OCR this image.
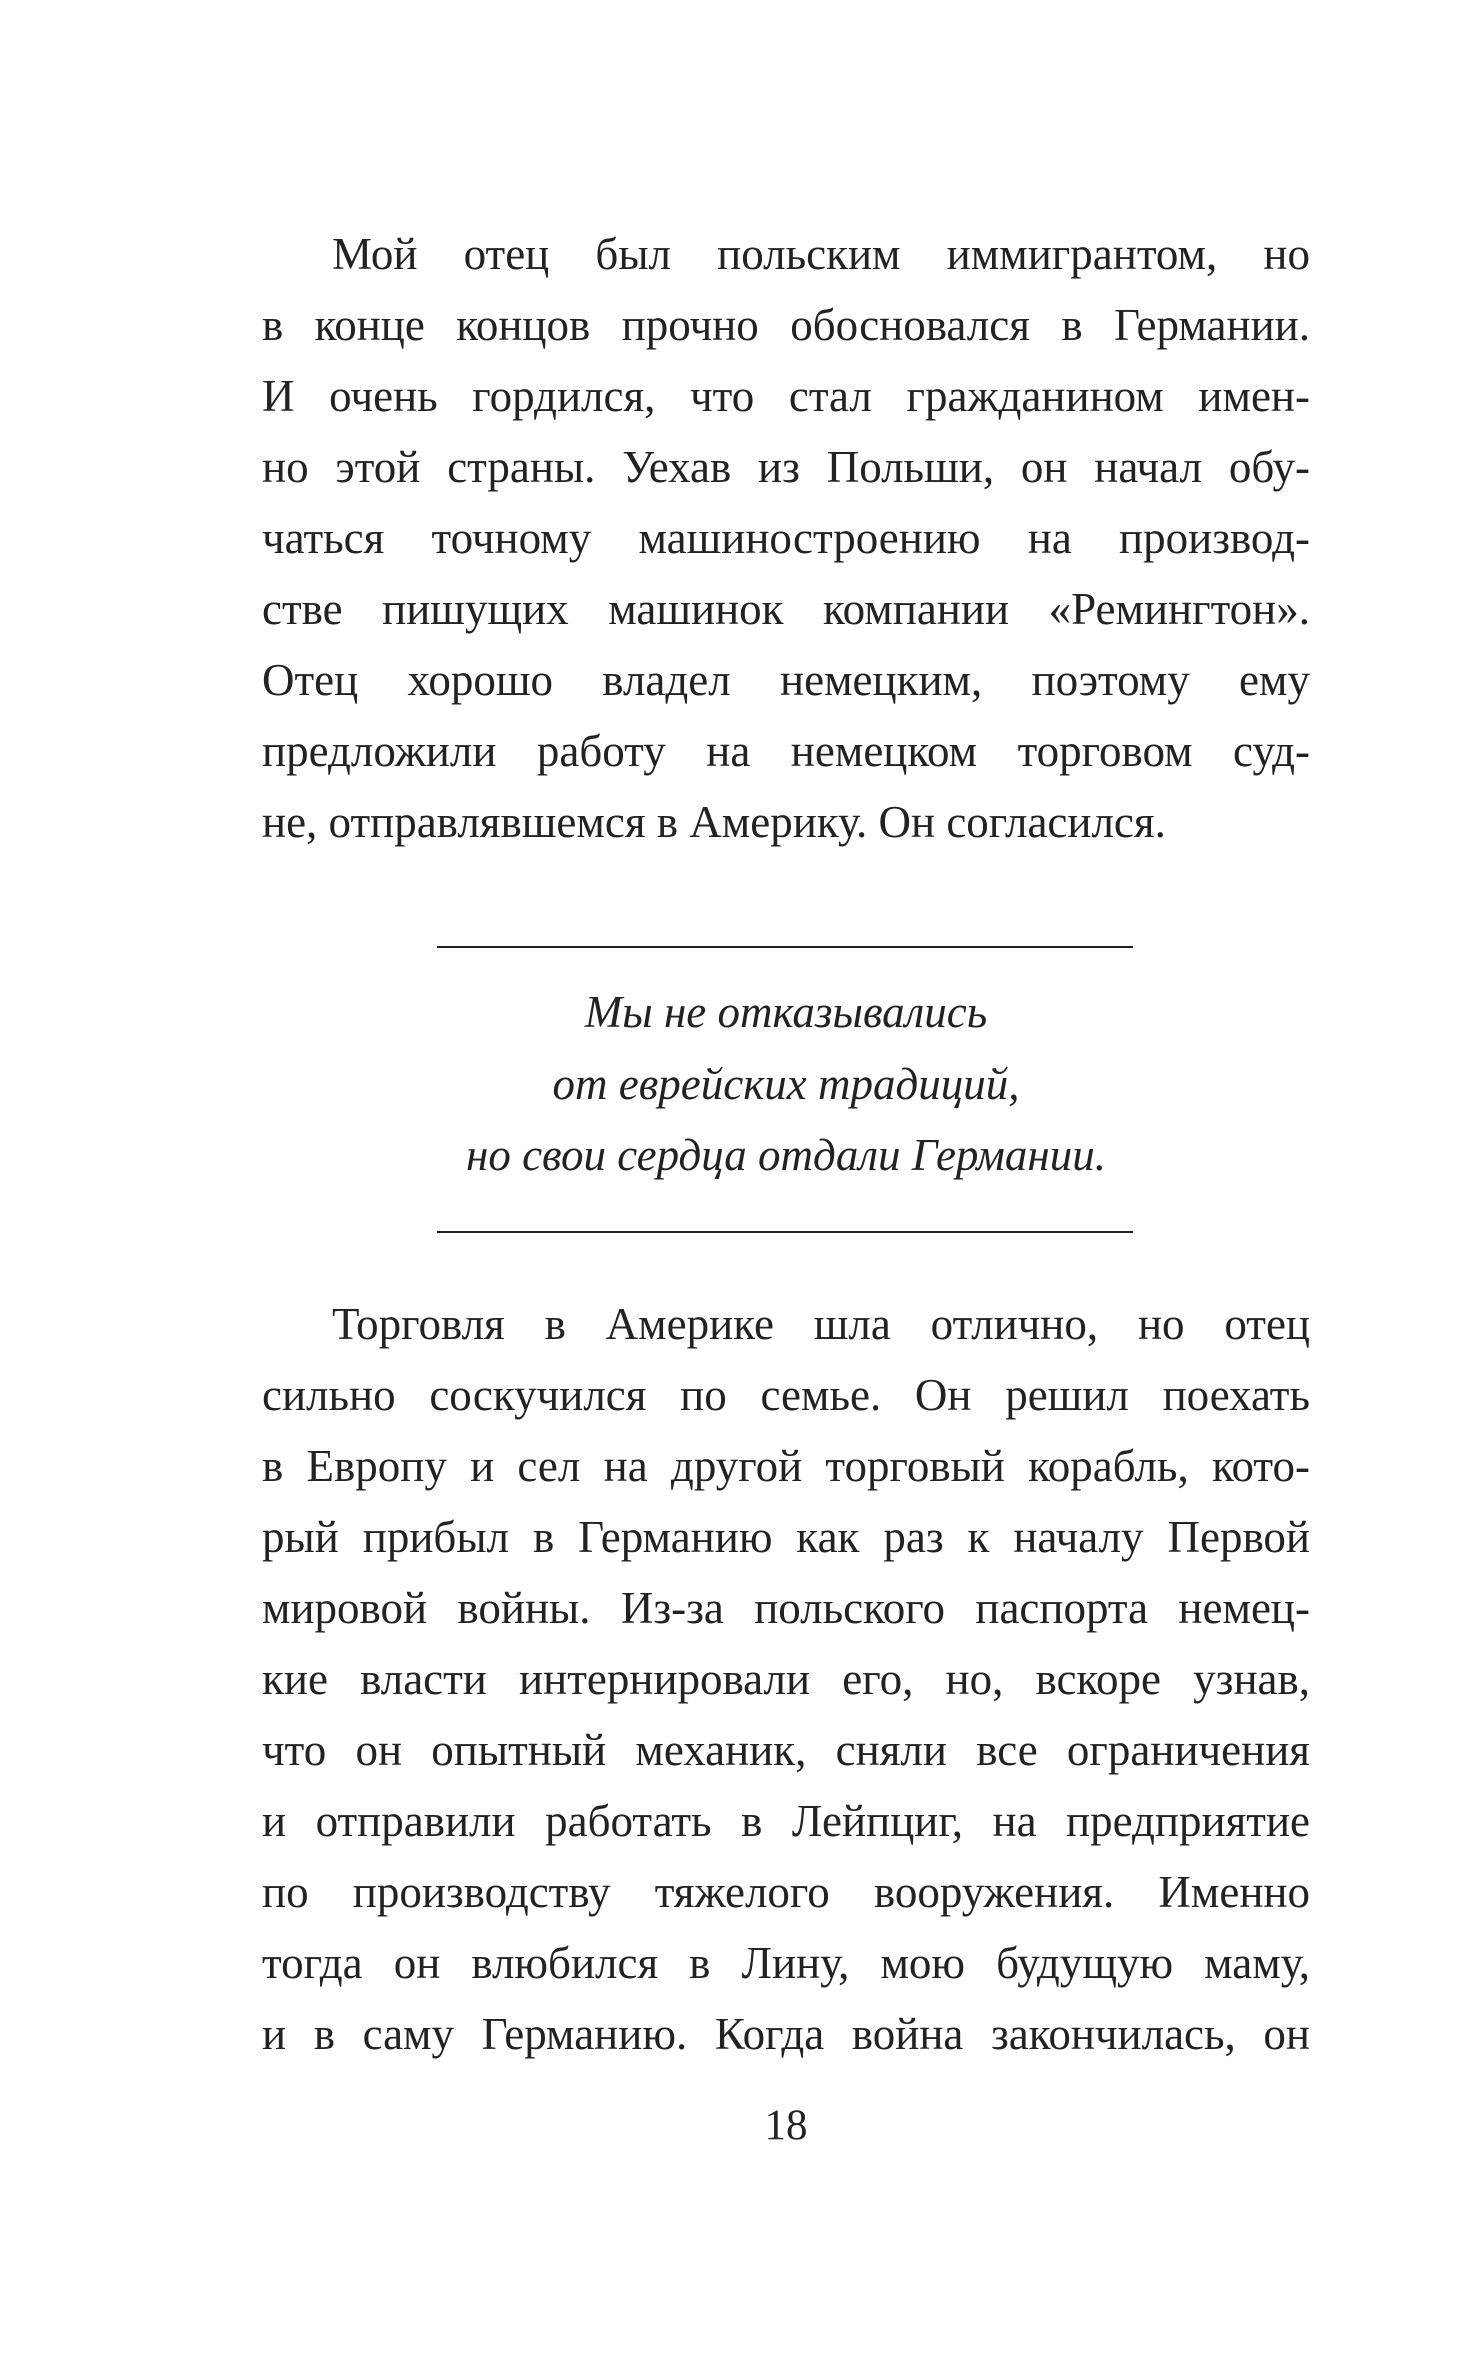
Мой отец был польским иммигрантом, но
в конце концов прочно обосновался в Германии.
И очень гордился, что стал гражданином имен-
но этой страны. Уехав из Польши, он начал обу-
чаться точному машиностроению на производ-
стве пишущих машинок компании «Ремингтон».
Отец хорошо владел немецким, поэтому ему
предложили работу на немецком торговом суд-
не, отправлявшемся в Америку. Он согласился.
Мы не отказывались
от еврейских традиций,
но свои сердца отдали Германии.
Торговля в Америке шла отлично, но отец
сильно соскучился по семье. Он решил поехать
в Европу и сел на другой торговый корабль, кото-
рый прибыл в Германию как раз к началу Первой
мировой войны. Из-за польского паспорта немец-
кие власти интернировали его, но, вскоре узнав,
что он опытный механик, сняли все ограничения
и отправили работать в Лейпциг, на предприятие
по производству тяжелого вооружения. Именно
тогда он влюбился в Лину, мою будущую маму,
и в саму Германию. Когда война закончилась, он
18
